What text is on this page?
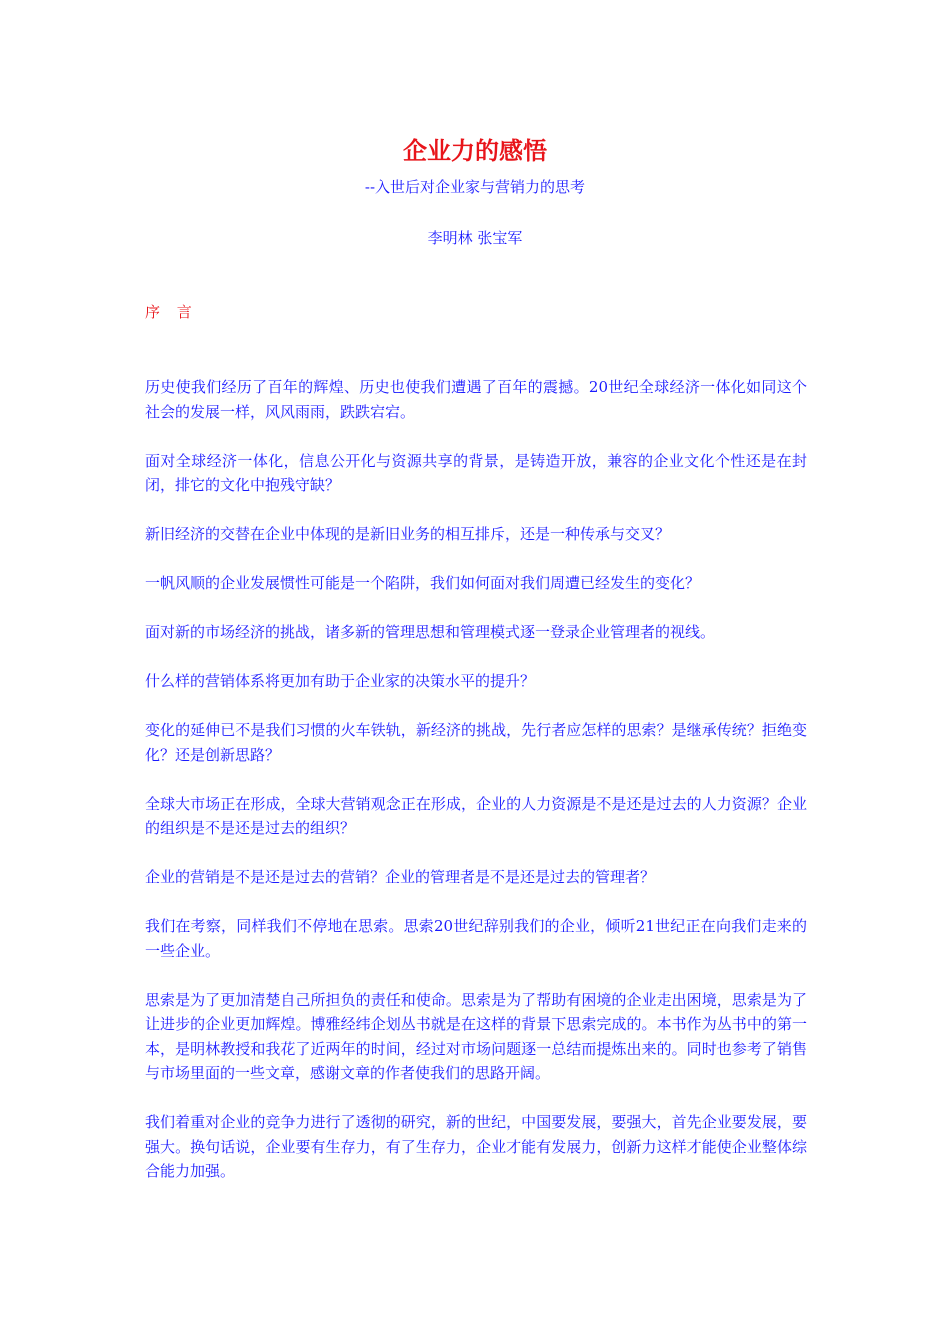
企业力的感悟
--入世后对企业家与营销力的思考
李明林 张宝军
序 言

历史使我们经历了百年的辉煌、历史也使我们遭遇了百年的震撼。20世纪全球经济一体化如同这个社会的发展一样，风风雨雨，跌跌宕宕。

面对全球经济一体化，信息公开化与资源共享的背景，是铸造开放，兼容的企业文化个性还是在封闭，排它的文化中抱残守缺？

新旧经济的交替在企业中体现的是新旧业务的相互排斥，还是一种传承与交叉？

一帆风顺的企业发展惯性可能是一个陷阱，我们如何面对我们周遭已经发生的变化？

面对新的市场经济的挑战，诸多新的管理思想和管理模式逐一登录企业管理者的视线。

什么样的营销体系将更加有助于企业家的决策水平的提升？

变化的延伸已不是我们习惯的火车铁轨，新经济的挑战，先行者应怎样的思索？是继承传统？拒绝变化？还是创新思路？

全球大市场正在形成，全球大营销观念正在形成，企业的人力资源是不是还是过去的人力资源？企业的组织是不是还是过去的组织？

企业的营销是不是还是过去的营销？企业的管理者是不是还是过去的管理者？

我们在考察，同样我们不停地在思索。思索20世纪辞别我们的企业，倾听21世纪正在向我们走来的一些企业。

思索是为了更加清楚自己所担负的责任和使命。思索是为了帮助有困境的企业走出困境，思索是为了让进步的企业更加辉煌。博雅经纬企划丛书就是在这样的背景下思索完成的。本书作为丛书中的第一本，是明林教授和我花了近两年的时间，经过对市场问题逐一总结而提炼出来的。同时也参考了销售与市场里面的一些文章，感谢文章的作者使我们的思路开阔。

我们着重对企业的竞争力进行了透彻的研究，新的世纪，中国要发展，要强大，首先企业要发展，要强大。换句话说，企业要有生存力，有了生存力，企业才能有发展力，创新力这样才能使企业整体综合能力加强。
